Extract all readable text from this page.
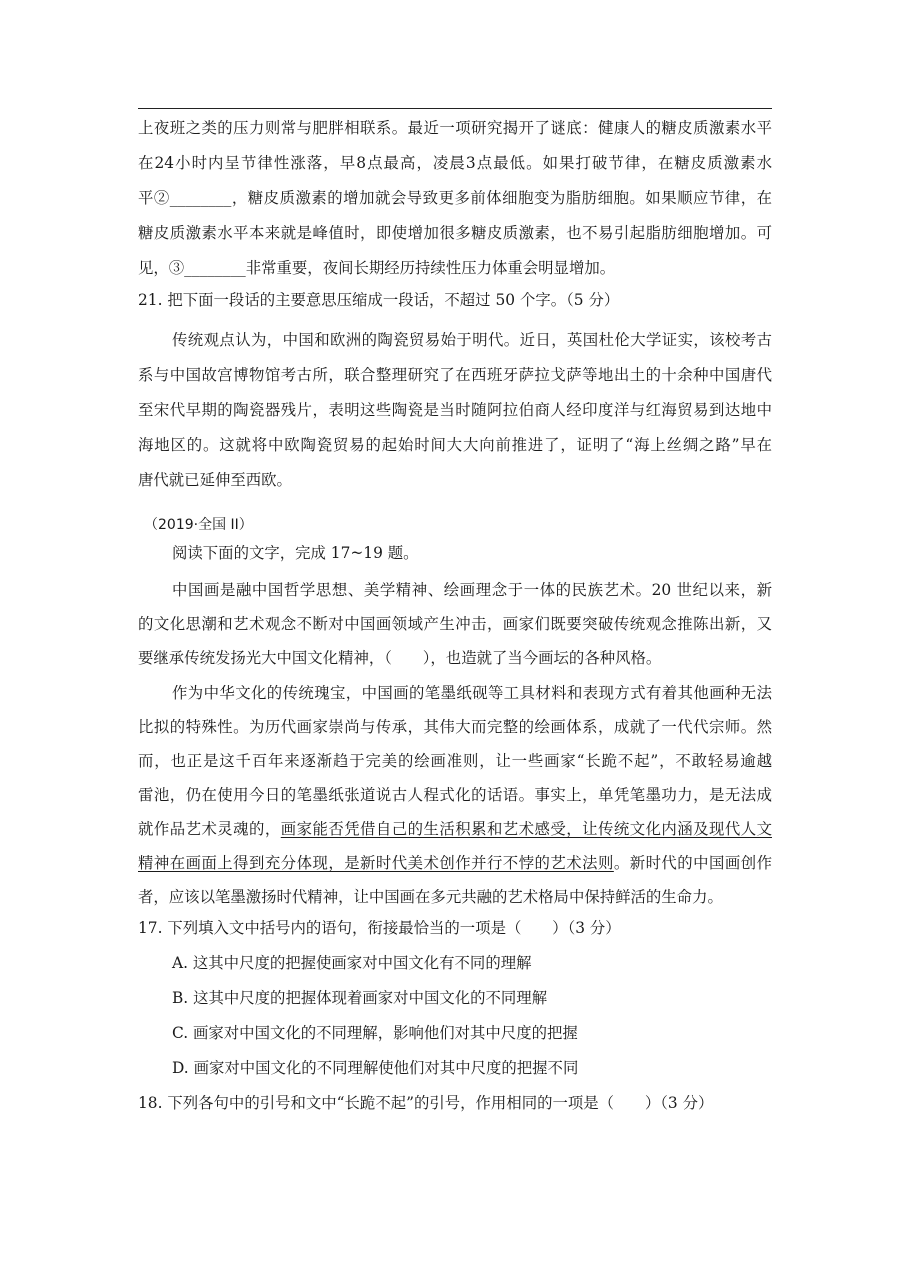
上夜班之类的压力则常与肥胖相联系。最近一项研究揭开了谜底：健康人的糖皮质激素水平
在24小时内呈节律性涨落，早8点最高，凌晨3点最低。如果打破节律，在糖皮质激素水
平②________，糖皮质激素的增加就会导致更多前体细胞变为脂肪细胞。如果顺应节律，在
糖皮质激素水平本来就是峰值时，即使增加很多糖皮质激素，也不易引起脂肪细胞增加。可
见，③________非常重要，夜间长期经历持续性压力体重会明显增加。
21. 把下面一段话的主要意思压缩成一段话，不超过 50 个字。（5 分）
传统观点认为，中国和欧洲的陶瓷贸易始于明代。近日，英国杜伦大学证实，该校考古
系与中国故宫博物馆考古所，联合整理研究了在西班牙萨拉戈萨等地出土的十余种中国唐代
至宋代早期的陶瓷器残片，表明这些陶瓷是当时随阿拉伯商人经印度洋与红海贸易到达地中
海地区的。这就将中欧陶瓷贸易的起始时间大大向前推进了，证明了“海上丝绸之路”早在
唐代就已延伸至西欧。
（2019·全国 II）
阅读下面的文字，完成 17~19 题。
中国画是融中国哲学思想、美学精神、绘画理念于一体的民族艺术。20 世纪以来，新
的文化思潮和艺术观念不断对中国画领域产生冲击，画家们既要突破传统观念推陈出新，又
要继承传统发扬光大中国文化精神，（　　），也造就了当今画坛的各种风格。
作为中华文化的传统瑰宝，中国画的笔墨纸砚等工具材料和表现方式有着其他画种无法
比拟的特殊性。为历代画家崇尚与传承，其伟大而完整的绘画体系，成就了一代代宗师。然
而，也正是这千百年来逐渐趋于完美的绘画准则，让一些画家“长跪不起”，不敢轻易逾越
雷池，仍在使用今日的笔墨纸张道说古人程式化的话语。事实上，单凭笔墨功力，是无法成
就作品艺术灵魂的，画家能否凭借自己的生活积累和艺术感受，让传统文化内涵及现代人文
精神在画面上得到充分体现，是新时代美术创作并行不悖的艺术法则。新时代的中国画创作
者，应该以笔墨激扬时代精神，让中国画在多元共融的艺术格局中保持鲜活的生命力。
17. 下列填入文中括号内的语句，衔接最恰当的一项是（　　）（3 分）
A. 这其中尺度的把握使画家对中国文化有不同的理解
B. 这其中尺度的把握体现着画家对中国文化的不同理解
C. 画家对中国文化的不同理解，影响他们对其中尺度的把握
D. 画家对中国文化的不同理解使他们对其中尺度的把握不同
18. 下列各句中的引号和文中“长跪不起”的引号，作用相同的一项是（　　）（3 分）
